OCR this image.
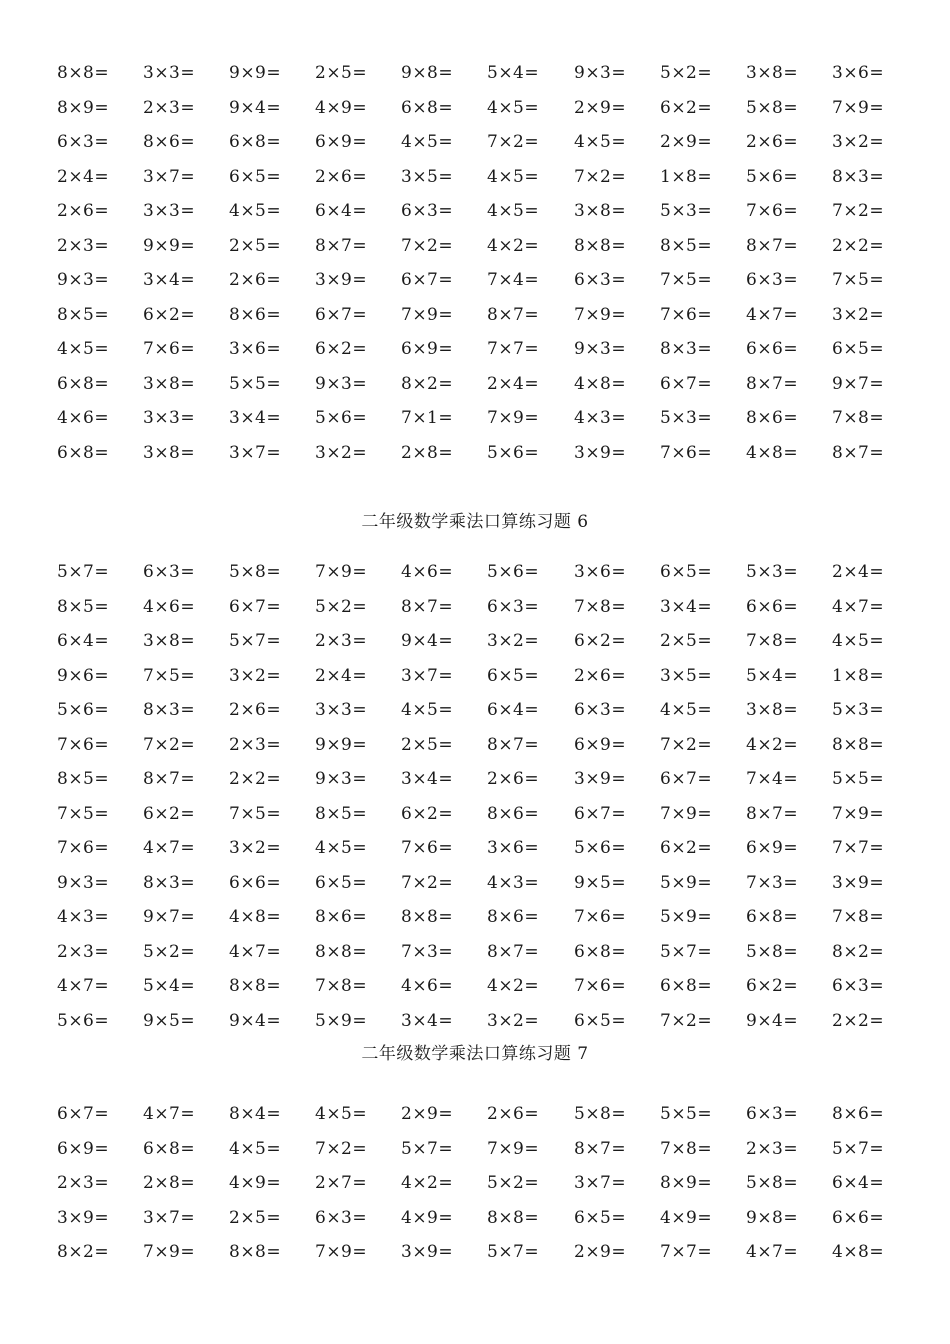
8×8= 3×3= 9×9= 2×5= 9×8= 5×4= 9×3= 5×2= 3×8= 3×6=
8×9= 2×3= 9×4= 4×9= 6×8= 4×5= 2×9= 6×2= 5×8= 7×9=
6×3= 8×6= 6×8= 6×9= 4×5= 7×2= 4×5= 2×9= 2×6= 3×2=
2×4= 3×7= 6×5= 2×6= 3×5= 4×5= 7×2= 1×8= 5×6= 8×3=
2×6= 3×3= 4×5= 6×4= 6×3= 4×5= 3×8= 5×3= 7×6= 7×2=
2×3= 9×9= 2×5= 8×7= 7×2= 4×2= 8×8= 8×5= 8×7= 2×2=
9×3= 3×4= 2×6= 3×9= 6×7= 7×4= 6×3= 7×5= 6×3= 7×5=
8×5= 6×2= 8×6= 6×7= 7×9= 8×7= 7×9= 7×6= 4×7= 3×2=
4×5= 7×6= 3×6= 6×2= 6×9= 7×7= 9×3= 8×3= 6×6= 6×5=
6×8= 3×8= 5×5= 9×3= 8×2= 2×4= 4×8= 6×7= 8×7= 9×7=
4×6= 3×3= 3×4= 5×6= 7×1= 7×9= 4×3= 5×3= 8×6= 7×8=
6×8= 3×8= 3×7= 3×2= 2×8= 5×6= 3×9= 7×6= 4×8= 8×7=
二年级数学乘法口算练习题 6
5×7= 6×3= 5×8= 7×9= 4×6= 5×6= 3×6= 6×5= 5×3= 2×4=
8×5= 4×6= 6×7= 5×2= 8×7= 6×3= 7×8= 3×4= 6×6= 4×7=
6×4= 3×8= 5×7= 2×3= 9×4= 3×2= 6×2= 2×5= 7×8= 4×5=
9×6= 7×5= 3×2= 2×4= 3×7= 6×5= 2×6= 3×5= 5×4= 1×8=
5×6= 8×3= 2×6= 3×3= 4×5= 6×4= 6×3= 4×5= 3×8= 5×3=
7×6= 7×2= 2×3= 9×9= 2×5= 8×7= 6×9= 7×2= 4×2= 8×8=
8×5= 8×7= 2×2= 9×3= 3×4= 2×6= 3×9= 6×7= 7×4= 5×5=
7×5= 6×2= 7×5= 8×5= 6×2= 8×6= 6×7= 7×9= 8×7= 7×9=
7×6= 4×7= 3×2= 4×5= 7×6= 3×6= 5×6= 6×2= 6×9= 7×7=
9×3= 8×3= 6×6= 6×5= 7×2= 4×3= 9×5= 5×9= 7×3= 3×9=
4×3= 9×7= 4×8= 8×6= 8×8= 8×6= 7×6= 5×9= 6×8= 7×8=
2×3= 5×2= 4×7= 8×8= 7×3= 8×7= 6×8= 5×7= 5×8= 8×2=
4×7= 5×4= 8×8= 7×8= 4×6= 4×2= 7×6= 6×8= 6×2= 6×3=
5×6= 9×5= 9×4= 5×9= 3×4= 3×2= 6×5= 7×2= 9×4= 2×2=
二年级数学乘法口算练习题 7
6×7= 4×7= 8×4= 4×5= 2×9= 2×6= 5×8= 5×5= 6×3= 8×6=
6×9= 6×8= 4×5= 7×2= 5×7= 7×9= 8×7= 7×8= 2×3= 5×7=
2×3= 2×8= 4×9= 2×7= 4×2= 5×2= 3×7= 8×9= 5×8= 6×4=
3×9= 3×7= 2×5= 6×3= 4×9= 8×8= 6×5= 4×9= 9×8= 6×6=
8×2= 7×9= 8×8= 7×9= 3×9= 5×7= 2×9= 7×7= 4×7= 4×8=
